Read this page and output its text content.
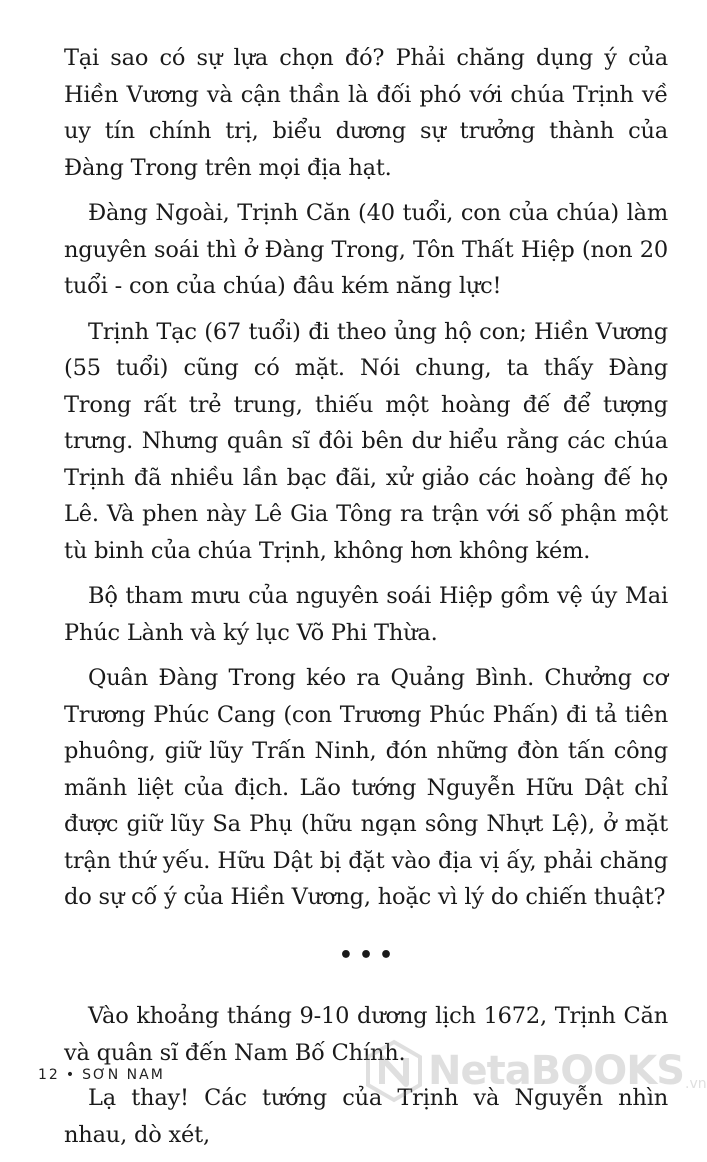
Tại sao có sự lựa chọn đó? Phải chăng dụng ý của Hiền Vương và cận thần là đối phó với chúa Trịnh về uy tín chính trị, biểu dương sự trưởng thành của Đàng Trong trên mọi địa hạt.

Đàng Ngoài, Trịnh Căn (40 tuổi, con của chúa) làm nguyên soái thì ở Đàng Trong, Tôn Thất Hiệp (non 20 tuổi - con của chúa) đâu kém năng lực!

Trịnh Tạc (67 tuổi) đi theo ủng hộ con; Hiền Vương (55 tuổi) cũng có mặt. Nói chung, ta thấy Đàng Trong rất trẻ trung, thiếu một hoàng đế để tượng trưng. Nhưng quân sĩ đôi bên dư hiểu rằng các chúa Trịnh đã nhiều lần bạc đãi, xử giảo các hoàng đế họ Lê. Và phen này Lê Gia Tông ra trận với số phận một tù binh của chúa Trịnh, không hơn không kém.

Bộ tham mưu của nguyên soái Hiệp gồm vệ úy Mai Phúc Lành và ký lục Võ Phi Thừa.

Quân Đàng Trong kéo ra Quảng Bình. Chưởng cơ Trương Phúc Cang (con Trương Phúc Phấn) đi tả tiên phuông, giữ lũy Trấn Ninh, đón những đòn tấn công mãnh liệt của địch. Lão tướng Nguyễn Hữu Dật chỉ được giữ lũy Sa Phụ (hữu ngạn sông Nhựt Lệ), ở mặt trận thứ yếu. Hữu Dật bị đặt vào địa vị ấy, phải chăng do sự cố ý của Hiền Vương, hoặc vì lý do chiến thuật?

•••

Vào khoảng tháng 9-10 dương lịch 1672, Trịnh Căn và quân sĩ đến Nam Bố Chính.

Lạ thay! Các tướng của Trịnh và Nguyễn nhìn nhau, dò xét,

12 • SƠN NAM	NetaBOOKS .vn
